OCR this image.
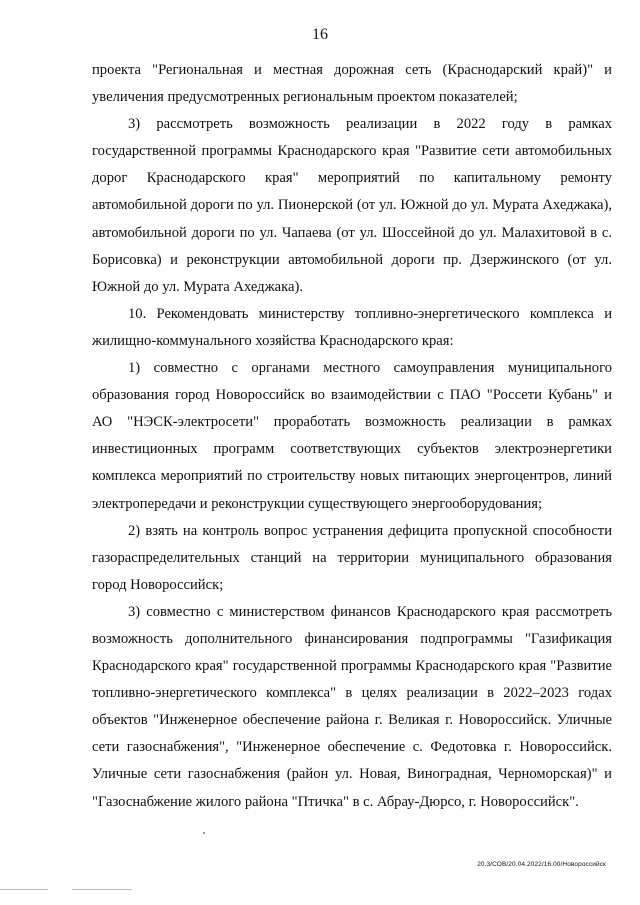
16

проекта "Региональная и местная дорожная сеть (Краснодарский край)" и увеличения предусмотренных региональным проектом показателей;

3) рассмотреть возможность реализации в 2022 году в рамках государственной программы Краснодарского края "Развитие сети автомобильных дорог Краснодарского края" мероприятий по капитальному ремонту автомобильной дороги по ул. Пионерской (от ул. Южной до ул. Мурата Ахеджака), автомобильной дороги по ул. Чапаева (от ул. Шоссейной до ул. Малахитовой в с. Борисовка) и реконструкции автомобильной дороги пр. Дзержинского (от ул. Южной до ул. Мурата Ахеджака).

10. Рекомендовать министерству топливно-энергетического комплекса и жилищно-коммунального хозяйства Краснодарского края:

1) совместно с органами местного самоуправления муниципального образования город Новороссийск во взаимодействии с ПАО "Россети Кубань" и АО "НЭСК-электросети" проработать возможность реализации в рамках инвестиционных программ соответствующих субъектов электроэнергетики комплекса мероприятий по строительству новых питающих энергоцентров, линий электропередачи и реконструкции существующего энергооборудования;

2) взять на контроль вопрос устранения дефицита пропускной способности газораспределительных станций на территории муниципального образования город Новороссийск;

3) совместно с министерством финансов Краснодарского края рассмотреть возможность дополнительного финансирования подпрограммы "Газификация Краснодарского края" государственной программы Краснодарского края "Развитие топливно-энергетического комплекса" в целях реализации в 2022–2023 годах объектов "Инженерное обеспечение района г. Великая г. Новороссийск. Уличные сети газоснабжения", "Инженерное обеспечение с. Федотовка г. Новороссийск. Уличные сети газоснабжения (район ул. Новая, Виноградная, Черноморская)" и "Газоснабжение жилого района "Птичка" в с. Абрау-Дюрсо, г. Новороссийск".

20.3/СОВ/20.04.2022/16.00/Новороссийск
